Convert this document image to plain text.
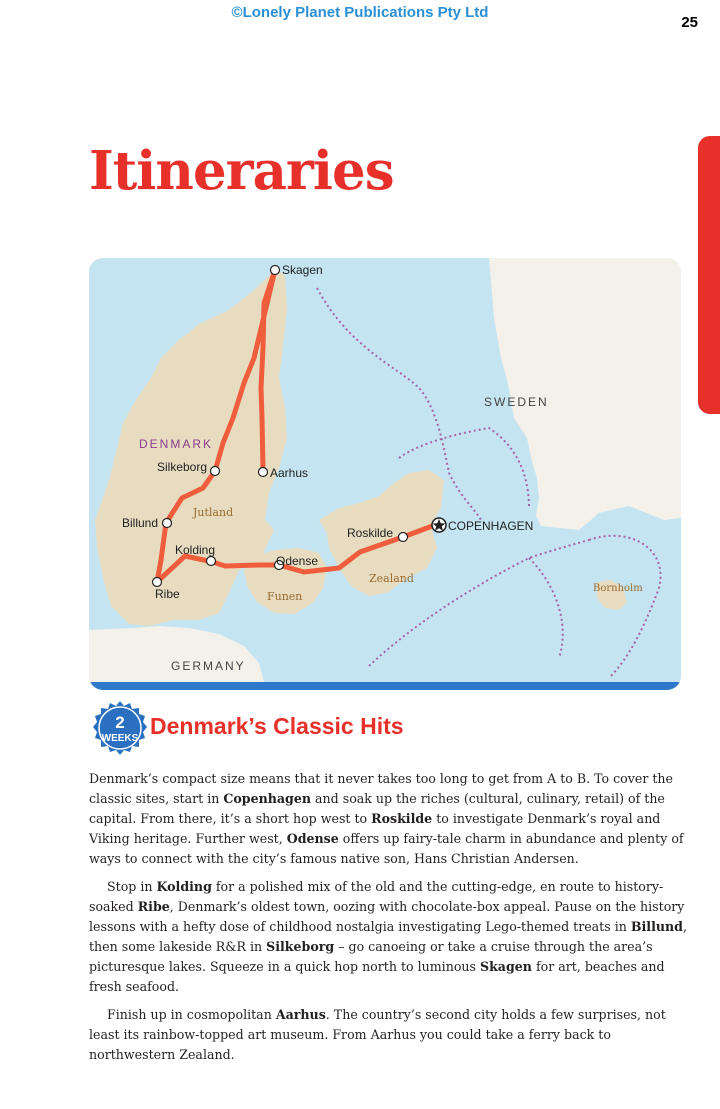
©Lonely Planet Publications Pty Ltd
25
Itineraries
SWEDEN
DENMARK
GERMANY
Jutland
Funen
Zealand
Bornholm
Skagen
Aarhus
Silkeborg
Billund
Kolding
Ribe
Odense
Roskilde	COPENHAGEN
2
WEEKS Denmark’s Classic Hits

Denmark’s compact size means that it never takes too long to get from A to B. To cover the classic sites, start in Copenhagen and soak up the riches (cultural, culinary, retail) of the capital. From there, it’s a short hop west to Roskilde to investigate Denmark’s royal and Viking heritage. Further west, Odense offers up fairy-tale charm in abundance and plenty of ways to connect with the city’s famous native son, Hans Christian Andersen.

Stop in Kolding for a polished mix of the old and the cutting-edge, en route to history-soaked Ribe, Denmark’s oldest town, oozing with chocolate-box appeal. Pause on the history lessons with a hefty dose of childhood nostalgia investigating Lego-themed treats in Billund, then some lakeside R&R in Silkeborg – go canoeing or take a cruise through the area’s picturesque lakes. Squeeze in a quick hop north to luminous Skagen for art, beaches and fresh seafood.

Finish up in cosmopolitan Aarhus. The country’s second city holds a few surprises, not least its rainbow-topped art museum. From Aarhus you could take a ferry back to northwestern Zealand.
